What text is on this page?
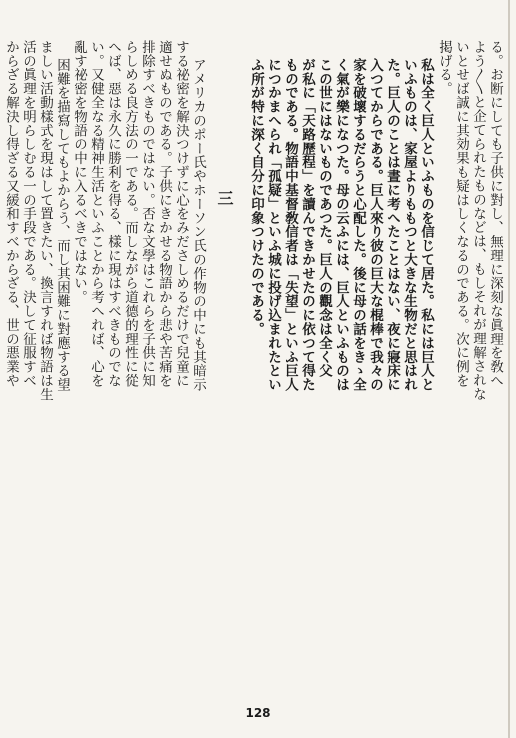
る。お断にしても子供に對し、無理に深刻な眞理を敎へ
よう〳〵と企てられたものなどは、もしそれが理解されな
いとせば誠に其効果も疑はしくなるのである。次に例を
掲げる。
私は全く巨人といふものを信じて居た。私には巨人と
いふものは、家屋よりももつと大きな生物だと思はれ
た。巨人のことは晝に考へたことはない、夜に寢床に
入つてからである。巨人來り彼の巨大な棍棒で我々の
家を破壞するだらうと心配した。後に母の話をきゝ全
く氣が樂になつた。母の云ふには、巨人といふものは
この世にはないものであつた。巨人の觀念は全く父
が私に「天路歷程」を讀んできかせたのに依つて得た
ものである。物語中基督敎信者は「失望」といふ巨人
につかまへられ「孤疑」といふ城に投げ込まれたとい
ふ所が特に深く自分に印象つけたのである。
三
アメリカのポー氏やホーソン氏の作物の中にも其暗示
する祕密を解決つけずに心をみださしめるだけで兒童に
適せぬものである。子供にきかせる物語から悲や苦痛を
排除すべきものではない。否な文學はこれらを子供に知
らしめる良方法の一である。而しながら道德的理性に從
へば、惡は永久に勝利を得る、樣に現はすべきものでな
い。又健全なる精神生活といふことから考へれば、心を
亂す祕密を物語の中に入るべきではない。
困難を描寫してもよからう、而し其困難に對應する望
ましい活動樣式を現はして置きたい、換言すれば物語は生
活の眞理を明らしむる一の手段である。決して征服すべ
からざる解決し得ざる又緩和すべからざる、世の悪業や
128
